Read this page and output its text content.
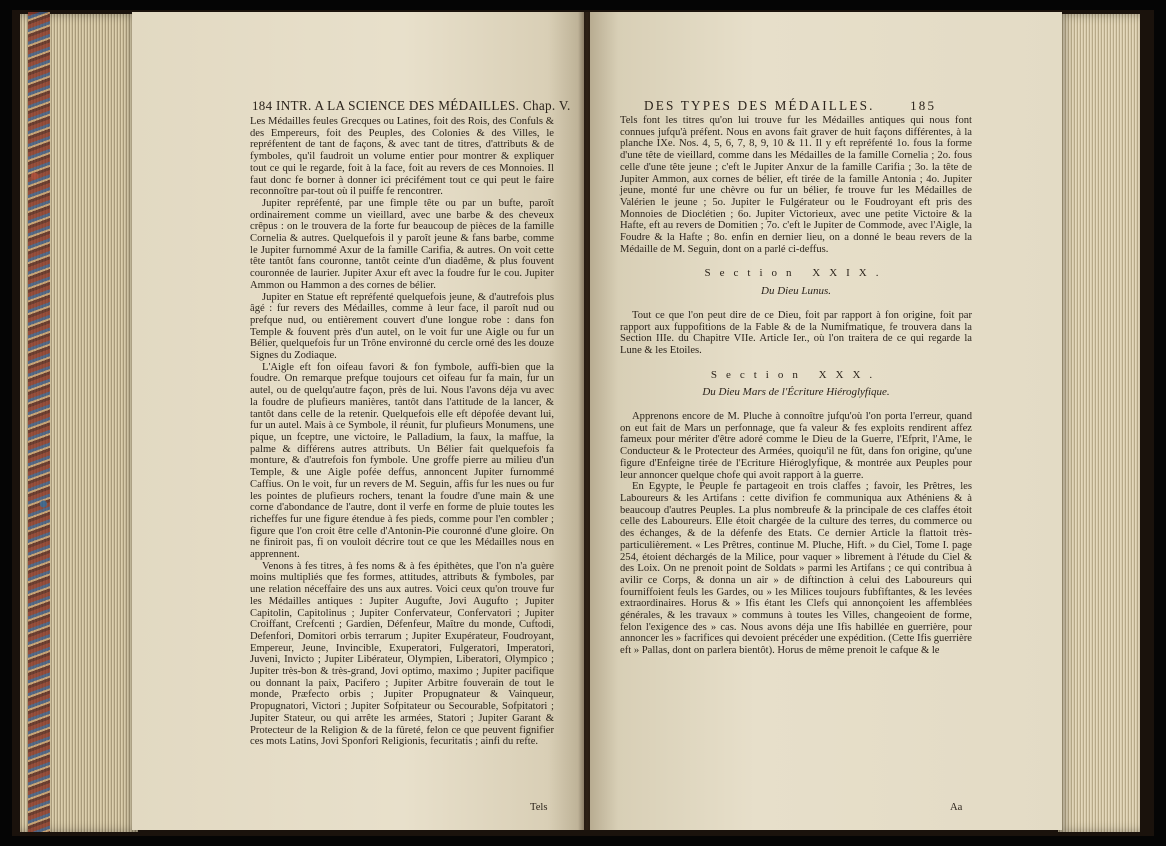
184 INTR. A LA SCIENCE DES MÉDAILLES. Chap. V.

Les Médailles feules Grecques ou Latines, foit des Rois, des Confuls & des Empereurs, foit des Peuples, des Colonies & des Villes, le repréfentent de tant de façons, & avec tant de titres, d'attributs & de fymboles, qu'il faudroit un volume entier pour montrer & expliquer tout ce qui le regarde, foit à la face, foit au revers de ces Monnoies. Il faut donc fe borner à donner ici précifément tout ce qui peut le faire reconnoître par-tout où il puiffe fe rencontrer.

Jupiter repréfenté, par une fimple tête ou par un bufte, paroît ordinairement comme un vieillard, avec une barbe & des cheveux crêpus : on le trouvera de la forte fur beaucoup de pièces de la famille Cornelia & autres. Quelquefois il y paroît jeune & fans barbe, comme le Jupiter furnommé Axur de la famille Carifia, & autres. On voit cette tête tantôt fans couronne, tantôt ceinte d'un diadême, & plus fouvent couronnée de laurier. Jupiter Axur eft avec la foudre fur le cou. Jupiter Ammon ou Hammon a des cornes de bélier.

Jupiter en Statue eft repréfenté quelquefois jeune, & d'autrefois plus âgé : fur revers des Médailles, comme à leur face, il paroît nud ou prefque nud, ou entièrement couvert d'une longue robe : dans fon Temple & fouvent près d'un autel, on le voit fur une Aigle ou fur un Bélier, quelquefois fur un Trône environné du cercle orné des les douze Signes du Zodiaque.

L'Aigle eft fon oifeau favori & fon fymbole, auffi-bien que la foudre. On remarque prefque toujours cet oifeau fur fa main, fur un autel, ou de quelqu'autre façon, près de lui. Nous l'avons déja vu avec la foudre de plufieurs manières, tantôt dans l'attitude de la lancer, & tantôt dans celle de la retenir. Quelquefois elle eft dépofée devant lui, fur un autel. Mais à ce Symbole, il réunit, fur plufieurs Monumens, une pique, un fceptre, une victoire, le Palladium, la faux, la maffue, la palme & différens autres attributs. Un Bélier fait quelquefois fa monture, & d'autrefois fon fymbole. Une groffe pierre au milieu d'un Temple, & une Aigle pofée deffus, annoncent Jupiter furnommé Caffius. On le voit, fur un revers de M. Seguin, affis fur les nues ou fur les pointes de plufieurs rochers, tenant la foudre d'une main & une corne d'abondance de l'autre, dont il verfe en forme de pluie toutes les richeffes fur une figure étendue à fes pieds, comme pour l'en combler ; figure que l'on croit être celle d'Antonin-Pie couronné d'une gloire. On ne finiroit pas, fi on vouloit décrire tout ce que les Médailles nous en apprennent.

Venons à fes titres, à fes noms & à fes épithètes, que l'on n'a guère moins multipliés que fes formes, attitudes, attributs & fymboles, par une relation néceffaire des uns aux autres. Voici ceux qu'on trouve fur les Médailles antiques : Jupiter Augufte, Jovi Augufto ; Jupiter Capitolin, Capitolinus ; Jupiter Confervateur, Confervatori ; Jupiter Croiffant, Crefcenti ; Gardien, Défenfeur, Maître du monde, Cuftodi, Defenfori, Domitori orbis terrarum ; Jupiter Exupérateur, Foudroyant, Empereur, Jeune, Invincible, Exuperatori, Fulgeratori, Imperatori, Juveni, Invicto ; Jupiter Libérateur, Olympien, Liberatori, Olympico ; Jupiter très-bon & très-grand, Jovi optimo, maximo ; Jupiter pacifique ou donnant la paix, Pacifero ; Jupiter Arbitre fouverain de tout le monde, Præfecto orbis ; Jupiter Propugnateur & Vainqueur, Propugnatori, Victori ; Jupiter Sofpitateur ou Secourable, Sofpitatori ; Jupiter Stateur, ou qui arrête les armées, Statori ; Jupiter Garant & Protecteur de la Religion & de la fûreté, felon ce que peuvent fignifier ces mots Latins, Jovi Sponfori Religionis, fecuritatis ; ainfi du refte.

Tels
DES TYPES DES MÉDAILLES.	185

Tels font les titres qu'on lui trouve fur les Médailles antiques qui nous font connues jufqu'à préfent. Nous en avons fait graver de huit façons différentes, à la planche IXe. Nos. 4, 5, 6, 7, 8, 9, 10 & 11. Il y eft repréfenté 1o. fous la forme d'une tête de vieillard, comme dans les Médailles de la famille Cornelia ; 2o. fous celle d'une tête jeune ; c'eft le Jupiter Anxur de la famille Carifia ; 3o. la tête de Jupiter Ammon, aux cornes de bélier, eft tirée de la famille Antonia ; 4o. Jupiter jeune, monté fur une chèvre ou fur un bélier, fe trouve fur les Médailles de Valérien le jeune ; 5o. Jupiter le Fulgérateur ou le Foudroyant eft pris des Monnoies de Dioclétien ; 6o. Jupiter Victorieux, avec une petite Victoire & la Hafte, eft au revers de Domitien ; 7o. c'eft le Jupiter de Commode, avec l'Aigle, la Foudre & la Hafte ; 8o. enfin en dernier lieu, on a donné le beau revers de la Médaille de M. Seguin, dont on a parlé ci-deffus.

Section XXIX.
Du Dieu Lunus.

Tout ce que l'on peut dire de ce Dieu, foit par rapport à fon origine, foit par rapport aux fuppofitions de la Fable & de la Numifmatique, fe trouvera dans la Section IIIe. du Chapitre VIIe. Article Ier., où l'on traitera de ce qui regarde la Lune & les Etoiles.

Section XXX.
Du Dieu Mars de l'Écriture Hiéroglyfique.

Apprenons encore de M. Pluche à connoître jufqu'où l'on porta l'erreur, quand on eut fait de Mars un perfonnage, que fa valeur & fes exploits rendirent affez fameux pour mériter d'être adoré comme le Dieu de la Guerre, l'Efprit, l'Ame, le Conducteur & le Protecteur des Armées, quoiqu'il ne fût, dans fon origine, qu'une figure d'Enfeigne tirée de l'Ecriture Hiéroglyfique, & montrée aux Peuples pour leur annoncer quelque chofe qui avoit rapport à la guerre.

En Egypte, le Peuple fe partageoit en trois claffes ; favoir, les Prêtres, les Laboureurs & les Artifans : cette divifion fe communiqua aux Athéniens & à beaucoup d'autres Peuples. La plus nombreufe & la principale de ces claffes étoit celle des Laboureurs. Elle étoit chargée de la culture des terres, du commerce ou des échanges, & de la défenfe des Etats. Ce dernier Article la flattoit très-particulièrement. « Les Prêtres, continue M. Pluche, Hift. » du Ciel, Tome I. page 254, étoient déchargés de la Milice, pour vaquer » librement à l'étude du Ciel & des Loix. On ne prenoit point de Soldats » parmi les Artifans ; ce qui contribua à avilir ce Corps, & donna un air » de diftinction à celui des Laboureurs qui fourniffoient feuls les Gardes, ou » les Milices toujours fubfiftantes, & les levées extraordinaires. Horus & » Ifis étant les Clefs qui annonçoient les affemblées générales, & les travaux » communs à toutes les Villes, changeoient de forme, felon l'exigence des » cas. Nous avons déja une Ifis habillée en guerrière, pour annoncer les » facrifices qui devoient précéder une expédition. (Cette Ifis guerrière eft » Pallas, dont on parlera bientôt). Horus de même prenoit le cafque & le

Aa
